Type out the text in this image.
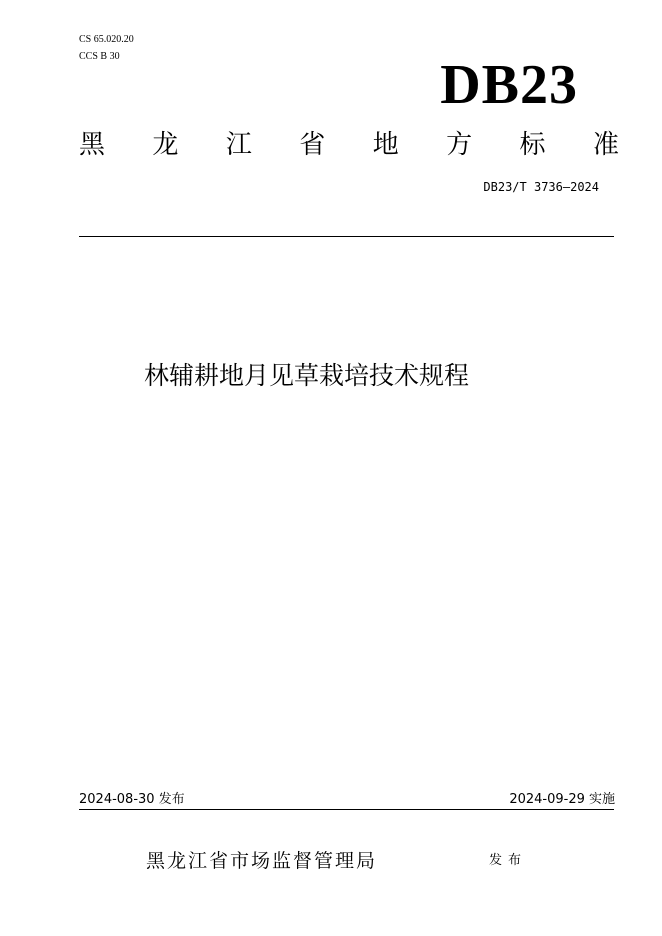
CS 65.020.20
CCS B 30	DB23
黑 龙 江 省 地 方 标 准
DB23/T 3736—2024
林辅耕地月见草栽培技术规程
2024-08-30 发布	2024-09-29 实施
黑龙江省市场监督管理局	发布
